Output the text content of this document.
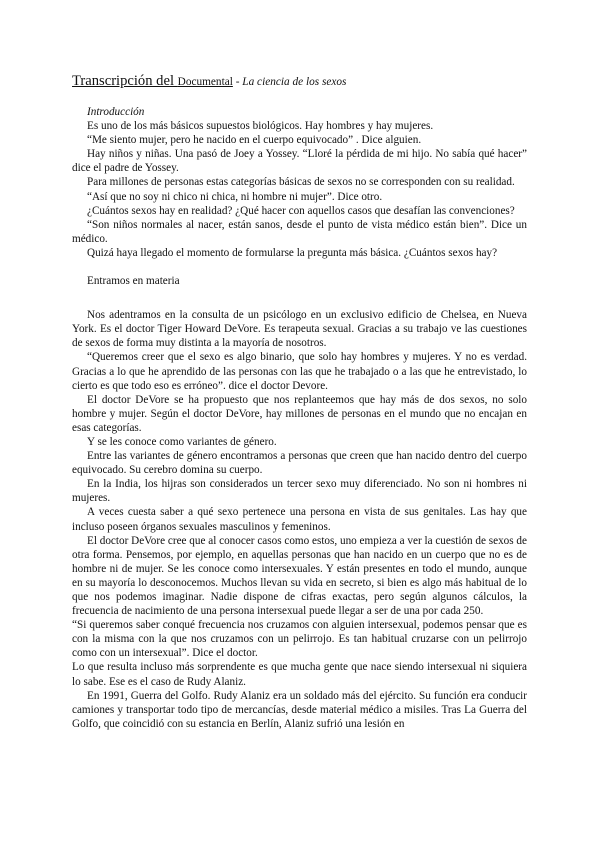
Transcripción del Documental - La ciencia de los sexos

Introducción

Es uno de los más básicos supuestos biológicos. Hay hombres y hay mujeres.

“Me siento mujer, pero he nacido en el cuerpo equivocado” . Dice alguien.

Hay niños y niñas. Una pasó de Joey a Yossey. “Lloré la pérdida de mi hijo. No sabía qué hacer” dice el padre de Yossey.

Para millones de personas estas categorías básicas de sexos no se corresponden con su realidad.

“Así que no soy ni chico ni chica, ni hombre ni mujer”. Dice otro.

¿Cuántos sexos hay en realidad? ¿Qué hacer con aquellos casos que desafían las convenciones?

“Son niños normales al nacer, están sanos, desde el punto de vista médico están bien”. Dice un médico.

Quizá haya llegado el momento de formularse la pregunta más básica. ¿Cuántos sexos hay?

Entramos en materia

Nos adentramos en la consulta de un psicólogo en un exclusivo edificio de Chelsea, en Nueva York. Es el doctor Tiger Howard DeVore. Es terapeuta sexual. Gracias a su trabajo ve las cuestiones de sexos de forma muy distinta a la mayoría de nosotros.

“Queremos creer que el sexo es algo binario, que solo hay hombres y mujeres. Y no es verdad. Gracias a lo que he aprendido de las personas con las que he trabajado o a las que he entrevistado, lo cierto es que todo eso es erróneo”. dice el doctor Devore.

El doctor DeVore se ha propuesto que nos replanteemos que hay más de dos sexos, no solo hombre y mujer. Según el doctor DeVore, hay millones de personas en el mundo que no encajan en esas categorías.

Y se les conoce como variantes de género.

Entre las variantes de género encontramos a personas que creen que han nacido dentro del cuerpo equivocado. Su cerebro domina su cuerpo.

En la India, los hijras son considerados un tercer sexo muy diferenciado. No son ni hombres ni mujeres.

A veces cuesta saber a qué sexo pertenece una persona en vista de sus genitales. Las hay que incluso poseen órganos sexuales masculinos y femeninos.

El doctor DeVore cree que al conocer casos como estos, uno empieza a ver la cuestión de sexos de otra forma. Pensemos, por ejemplo, en aquellas personas que han nacido en un cuerpo que no es de hombre ni de mujer. Se les conoce como intersexuales. Y están presentes en todo el mundo, aunque en su mayoría lo desconocemos. Muchos llevan su vida en secreto, si bien es algo más habitual de lo que nos podemos imaginar. Nadie dispone de cifras exactas, pero según algunos cálculos, la frecuencia de nacimiento de una persona intersexual puede llegar a ser de una por cada 250.

“Si queremos saber conqué frecuencia nos cruzamos con alguien intersexual, podemos pensar que es con la misma con la que nos cruzamos con un pelirrojo. Es tan habitual cruzarse con un pelirrojo como con un intersexual”. Dice el doctor.

Lo que resulta incluso más sorprendente es que mucha gente que nace siendo intersexual ni siquiera lo sabe. Ese es el caso de Rudy Alaniz.

En 1991, Guerra del Golfo. Rudy Alaniz era un soldado más del ejército. Su función era conducir camiones y transportar todo tipo de mercancías, desde material médico a misiles. Tras La Guerra del Golfo, que coincidió con su estancia en Berlín, Alaniz sufrió una lesión en
